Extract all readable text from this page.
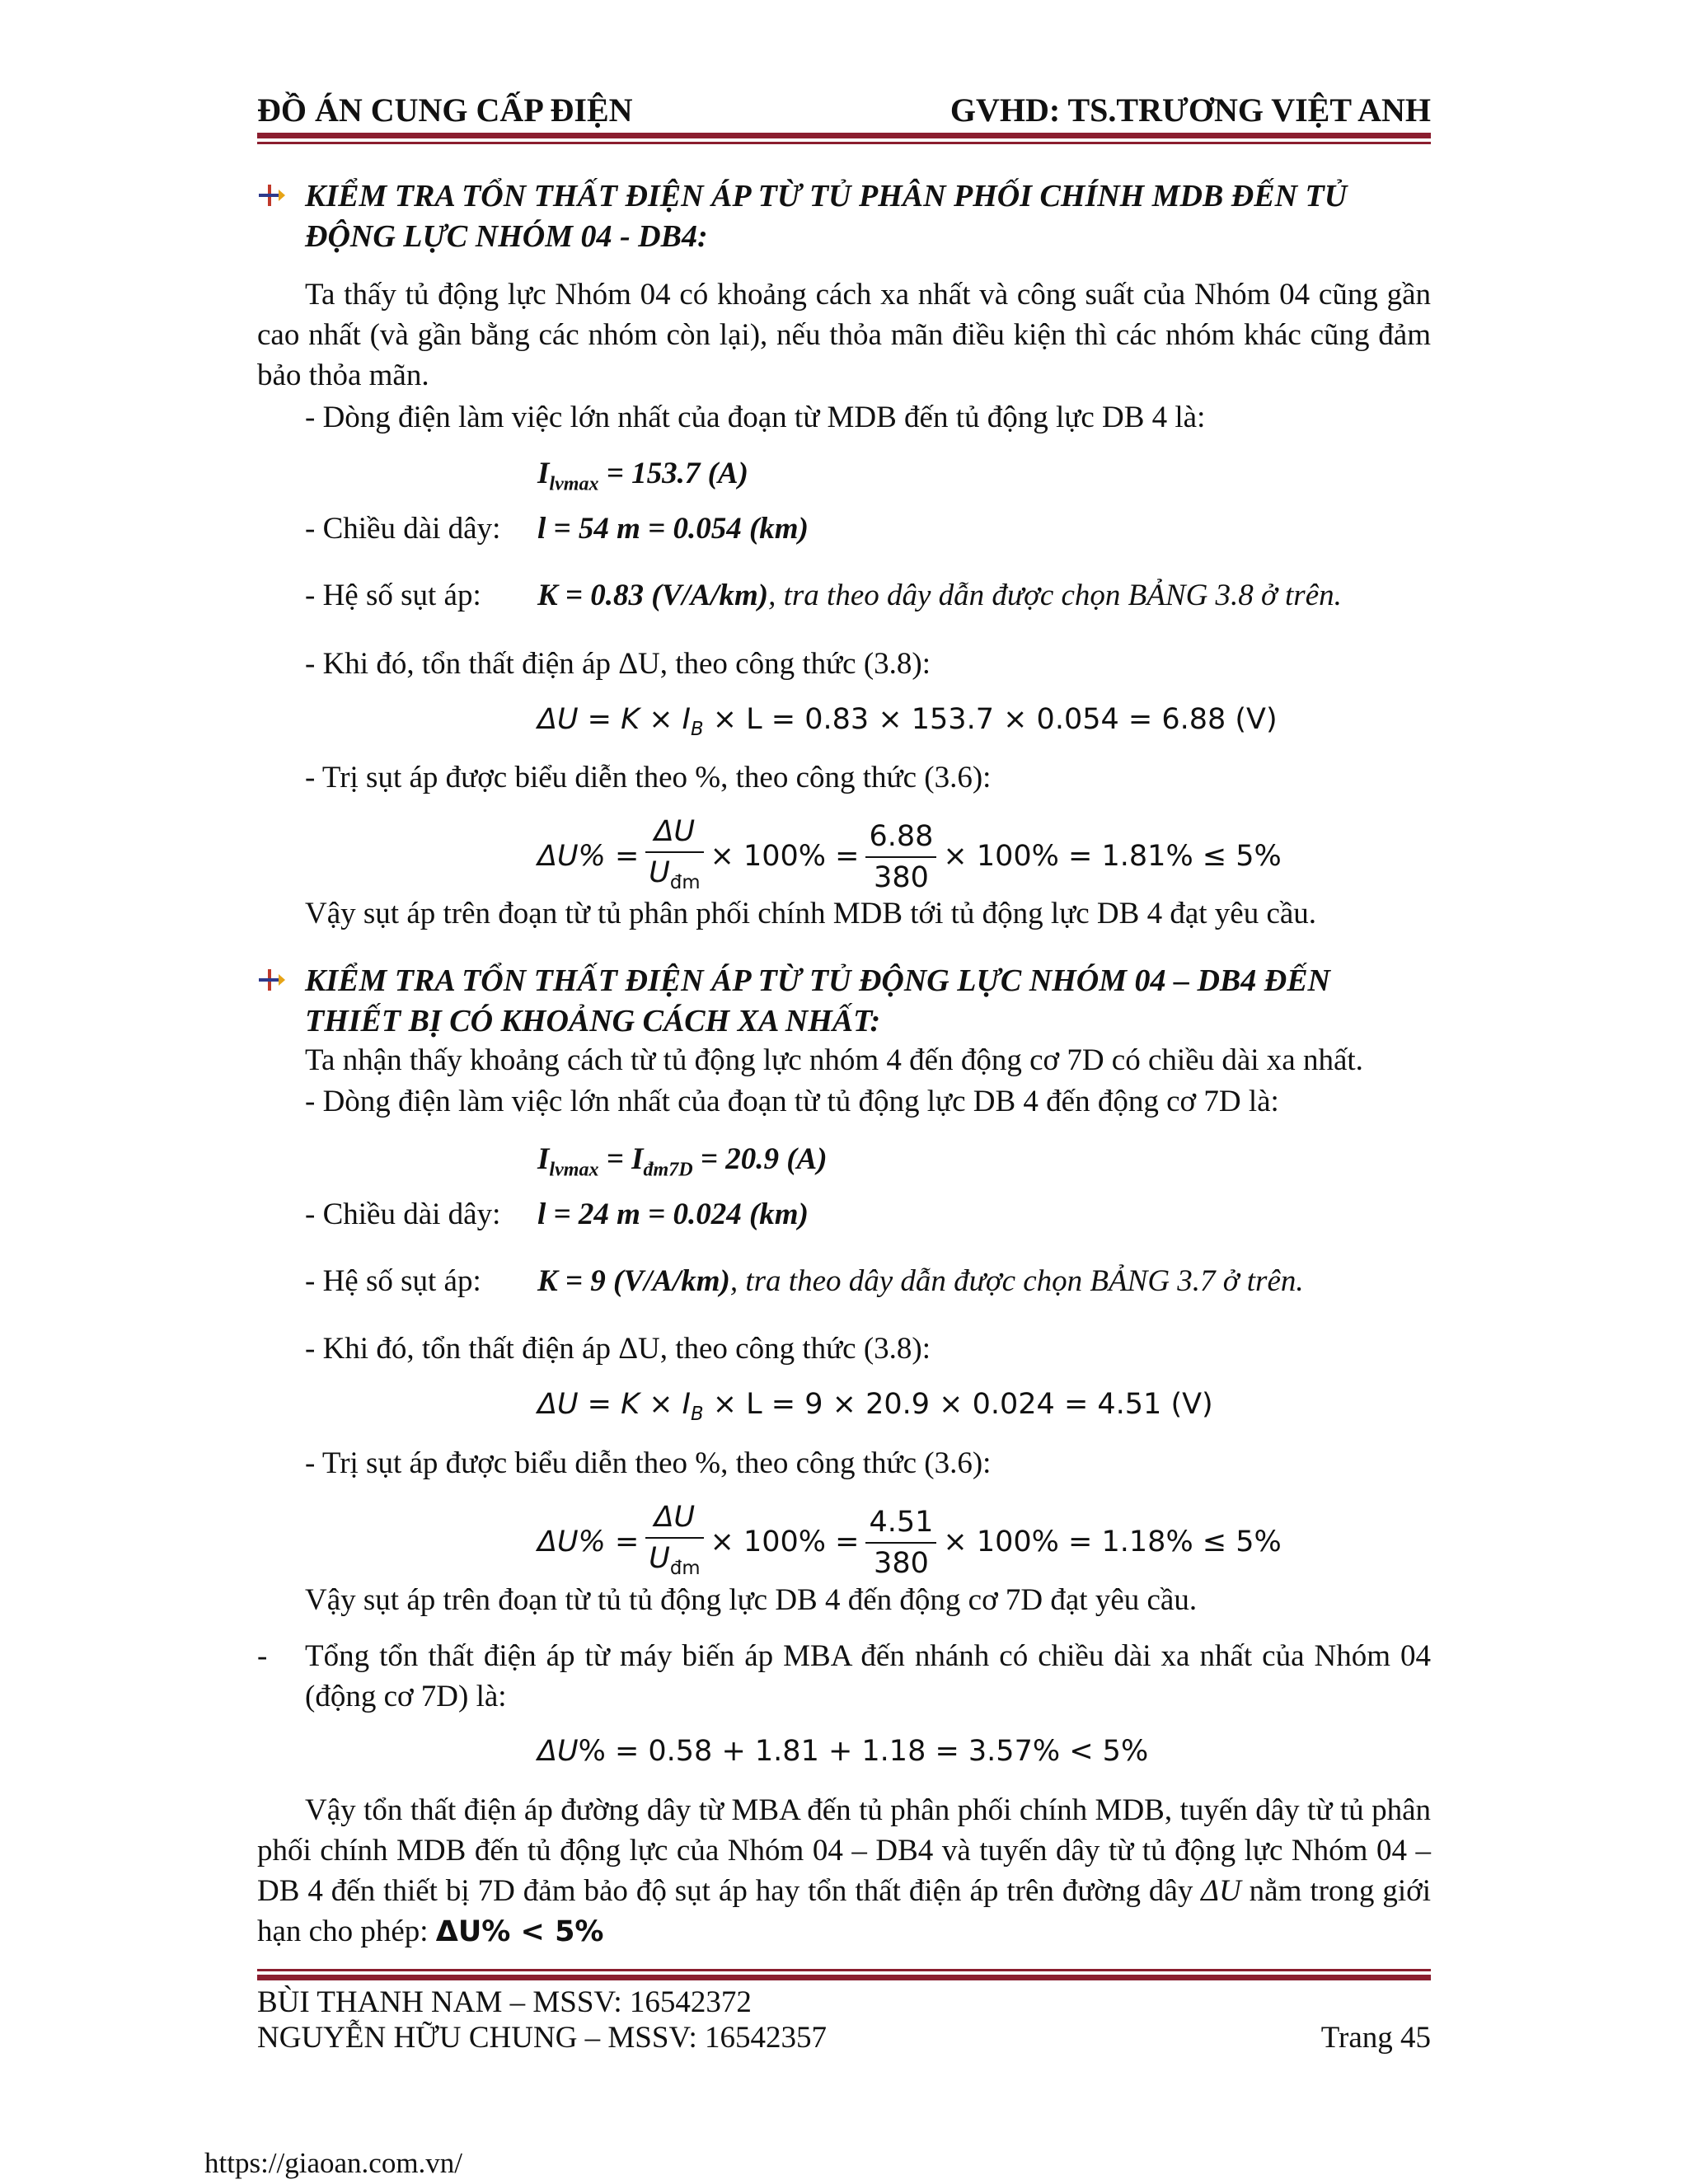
ĐỒ ÁN CUNG CẤP ĐIỆN	GVHD: TS.TRƯƠNG VIỆT ANH
KIỂM TRA TỔN THẤT ĐIỆN ÁP TỪ TỦ PHÂN PHỐI CHÍNH MDB ĐẾN TỦ
ĐỘNG LỰC NHÓM 04 - DB4:
Ta thấy tủ động lực Nhóm 04 có khoảng cách xa nhất và công suất của Nhóm 04 cũng gần cao nhất (và gần bằng các nhóm còn lại), nếu thỏa mãn điều kiện thì các nhóm khác cũng đảm bảo thỏa mãn.
- Dòng điện làm việc lớn nhất của đoạn từ MDB đến tủ động lực DB 4 là:
$I_{lvmax} = 153.7$ (A)
- Chiều dài dây: l = 54 m = 0.054 (km)
- Hệ số sụt áp: K = 0.83 (V/A/km), tra theo dây dẫn được chọn BẢNG 3.8 ở trên.
- Khi đó, tổn thất điện áp ΔU, theo công thức (3.8):
$\Delta U = K \times I_B \times L = 0.83 \times 153.7 \times 0.054 = 6.88$ (V)
- Trị sụt áp được biểu diễn theo %, theo công thức (3.6):
$\Delta U\% = \frac{\Delta U}{U_{đm}} \times 100\% = \frac{6.88}{380} \times 100\% = 1.81\% \le 5\%$
Vậy sụt áp trên đoạn từ tủ phân phối chính MDB tới tủ động lực DB 4 đạt yêu cầu.
KIỂM TRA TỔN THẤT ĐIỆN ÁP TỪ TỦ ĐỘNG LỰC NHÓM 04 – DB4 ĐẾN
THIẾT BỊ CÓ KHOẢNG CÁCH XA NHẤT:
Ta nhận thấy khoảng cách từ tủ động lực nhóm 4 đến động cơ 7D có chiều dài xa nhất.
- Dòng điện làm việc lớn nhất của đoạn từ tủ động lực DB 4 đến động cơ 7D là:
$I_{lvmax} = I_{đm7D} = 20.9$ (A)
- Chiều dài dây: l = 24 m = 0.024 (km)
- Hệ số sụt áp: K = 9 (V/A/km), tra theo dây dẫn được chọn BẢNG 3.7 ở trên.
- Khi đó, tổn thất điện áp ΔU, theo công thức (3.8):
$\Delta U = K \times I_B \times L = 9 \times 20.9 \times 0.024 = 4.51$ (V)
- Trị sụt áp được biểu diễn theo %, theo công thức (3.6):
$\Delta U\% = \frac{\Delta U}{U_{đm}} \times 100\% = \frac{4.51}{380} \times 100\% = 1.18\% \le 5\%$
Vậy sụt áp trên đoạn từ tủ tủ động lực DB 4 đến động cơ 7D đạt yêu cầu.
- Tổng tổn thất điện áp từ máy biến áp MBA đến nhánh có chiều dài xa nhất của Nhóm 04 (động cơ 7D) là:
ΔU% = 0.58 + 1.81 + 1.18 = 3.57% < 5%
Vậy tổn thất điện áp đường dây từ MBA đến tủ phân phối chính MDB, tuyến dây từ tủ phân phối chính MDB đến tủ động lực của Nhóm 04 – DB4 và tuyến dây từ tủ động lực Nhóm 04 – DB 4 đến thiết bị 7D đảm bảo độ sụt áp hay tổn thất điện áp trên đường dây ΔU nằm trong giới hạn cho phép: ΔU% < 5%
BÙI THANH NAM – MSSV: 16542372
NGUYỄN HỮU CHUNG – MSSV: 16542357	Trang 45
https://giaoan.com.vn/
